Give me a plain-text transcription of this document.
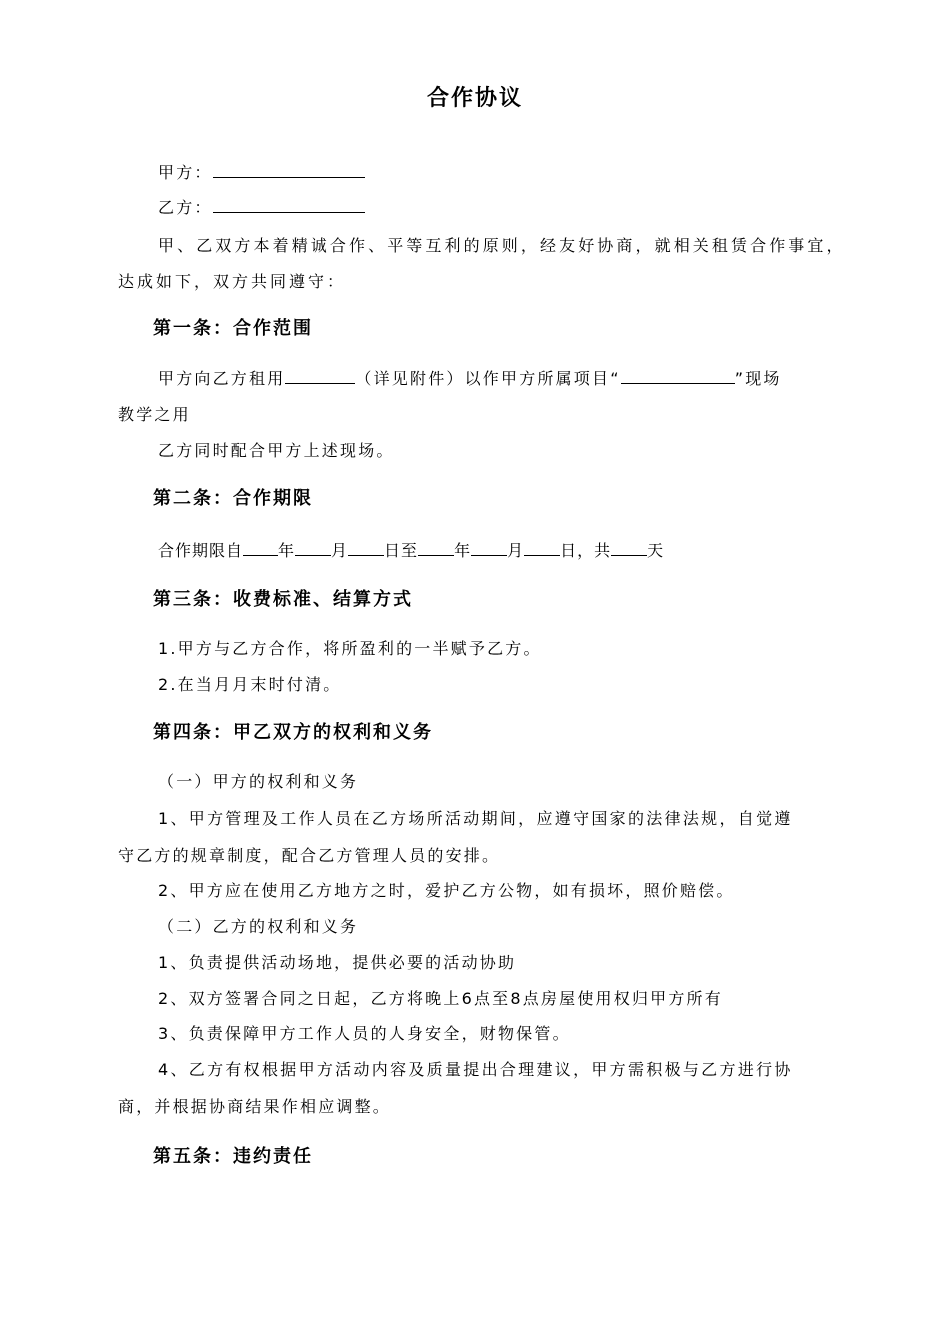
合作协议
甲方：
乙方：
甲、乙双方本着精诚合作、平等互利的原则，经友好协商，就相关租赁合作事宜，
达成如下，双方共同遵守：
第一条：合作范围
甲方向乙方租用	（详见附件）以作甲方所属项目“	”现场
教学之用
乙方同时配合甲方上述现场。
第二条：合作期限
合作期限自 年 月 日至 年 月 日，共 天
第三条：收费标准、结算方式
1.甲方与乙方合作，将所盈利的一半赋予乙方。
2.在当月月末时付清。
第四条：甲乙双方的权利和义务
（一）甲方的权利和义务
1、甲方管理及工作人员在乙方场所活动期间，应遵守国家的法律法规，自觉遵
守乙方的规章制度，配合乙方管理人员的安排。
2、甲方应在使用乙方地方之时，爱护乙方公物，如有损坏，照价赔偿。
（二）乙方的权利和义务
1、负责提供活动场地，提供必要的活动协助
2、双方签署合同之日起，乙方将晚上6点至8点房屋使用权归甲方所有
3、负责保障甲方工作人员的人身安全，财物保管。
4、乙方有权根据甲方活动内容及质量提出合理建议，甲方需积极与乙方进行协
商，并根据协商结果作相应调整。
第五条：违约责任
